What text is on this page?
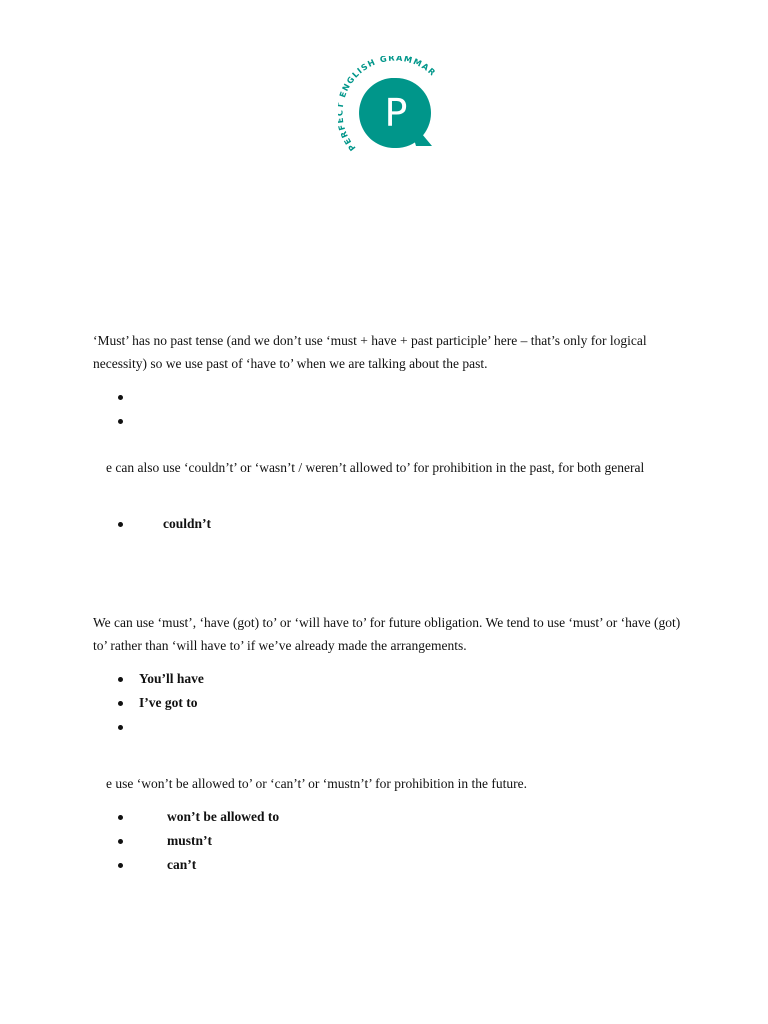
PER ENGLISH GRAMMAR
P

‘Must’ has no past tense (and we don’t use ‘must + have + past participle’ here – that’s only for logical necessity) so we use past of ‘have to’ when we are talking about the past.

e can also use ‘couldn’t’ or ‘wasn’t / weren’t allowed to’ for prohibition in the past, for both general

couldn’t

We can use ‘must’, ‘have (got) to’ or ‘will have to’ for future obligation. We tend to use ‘must’ or ‘have (got) to’ rather than ‘will have to’ if we’ve already made the arrangements.

You’ll have
I’ve got to

e use ‘won’t be allowed to’ or ‘can’t’ or ‘mustn’t’ for prohibition in the future.

won’t be allowed to
mustn’t
can’t
